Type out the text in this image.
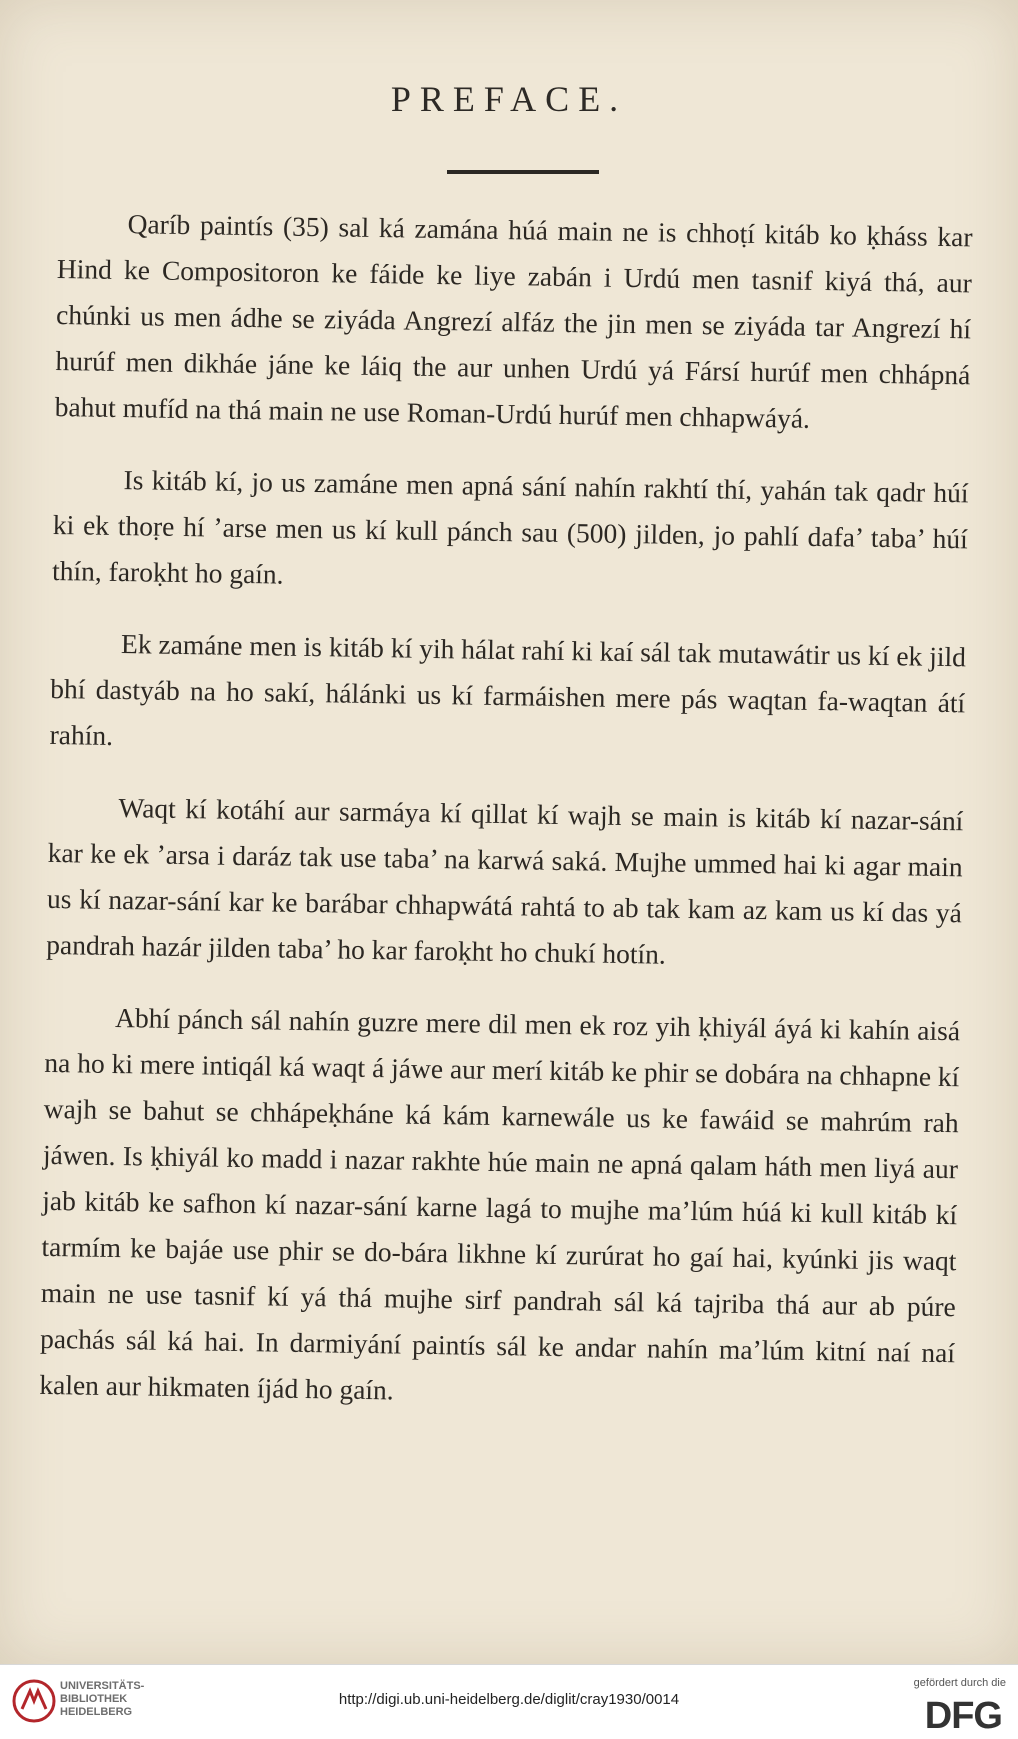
PREFACE.

Qaríb paintís (35) sal ká zamána húá main ne is chhoṭí kitáb ko ḳháss kar Hind ke Compositoron ke fáide ke liye zabán i Urdú men tasnif kiyá thá, aur chúnki us men ádhe se ziyáda Angrezí alfáz the jin men se ziyáda tar Angrezí hí hurúf men dikháe jáne ke láiq the aur unhen Urdú yá Fársí hurúf men chhápná bahut mufíd na thá main ne use Roman-Urdú hurúf men chhapwáyá.

Is kitáb kí, jo us zamáne men apná sání nahín rakhtí thí, yahán tak qadr húí ki ek thoṛe hí ’arse men us kí kull pánch sau (500) jilden, jo pahlí dafa’ taba’ húí thín, faroḳht ho gaín.

Ek zamáne men is kitáb kí yih hálat rahí ki kaí sál tak mutawátir us kí ek jild bhí dastyáb na ho sakí, hálánki us kí farmáishen mere pás waqtan fa-waqtan átí rahín.

Waqt kí kotáhí aur sarmáya kí qillat kí wajh se main is kitáb kí nazar-sání kar ke ek ’arsa i daráz tak use taba’ na karwá saká. Mujhe ummed hai ki agar main us kí nazar-sání kar ke barábar chhapwátá rahtá to ab tak kam az kam us kí das yá pandrah hazár jilden taba’ ho kar faroḳht ho chukí hotín.

Abhí pánch sál nahín guzre mere dil men ek roz yih ḳhiyál áyá ki kahín aisá na ho ki mere intiqál ká waqt á jáwe aur merí kitáb ke phir se dobára na chhapne kí wajh se bahut se chhápeḳháne ká kám karnewále us ke fawáid se mahrúm rah jáwen. Is ḳhiyál ko madd i nazar rakhte húe main ne apná qalam háth men liyá aur jab kitáb ke safhon kí nazar-sání karne lagá to mujhe ma’lúm húá ki kull kitáb kí tarmím ke bajáe use phir se do-bára likhne kí zurúrat ho gaí hai, kyúnki jis waqt main ne use tasnif kí yá thá mujhe sirf pandrah sál ká tajriba thá aur ab púre pachás sál ká hai. In darmiyání paintís sál ke andar nahín ma’lúm kitní naí naí kalen aur hikmaten íjád ho gaín.

UNIVERSITÄTS-
BIBLIOTHEK
HEIDELBERG
http://digi.ub.uni-heidelberg.de/diglit/cray1930/0014
gefördert durch die
DFG
